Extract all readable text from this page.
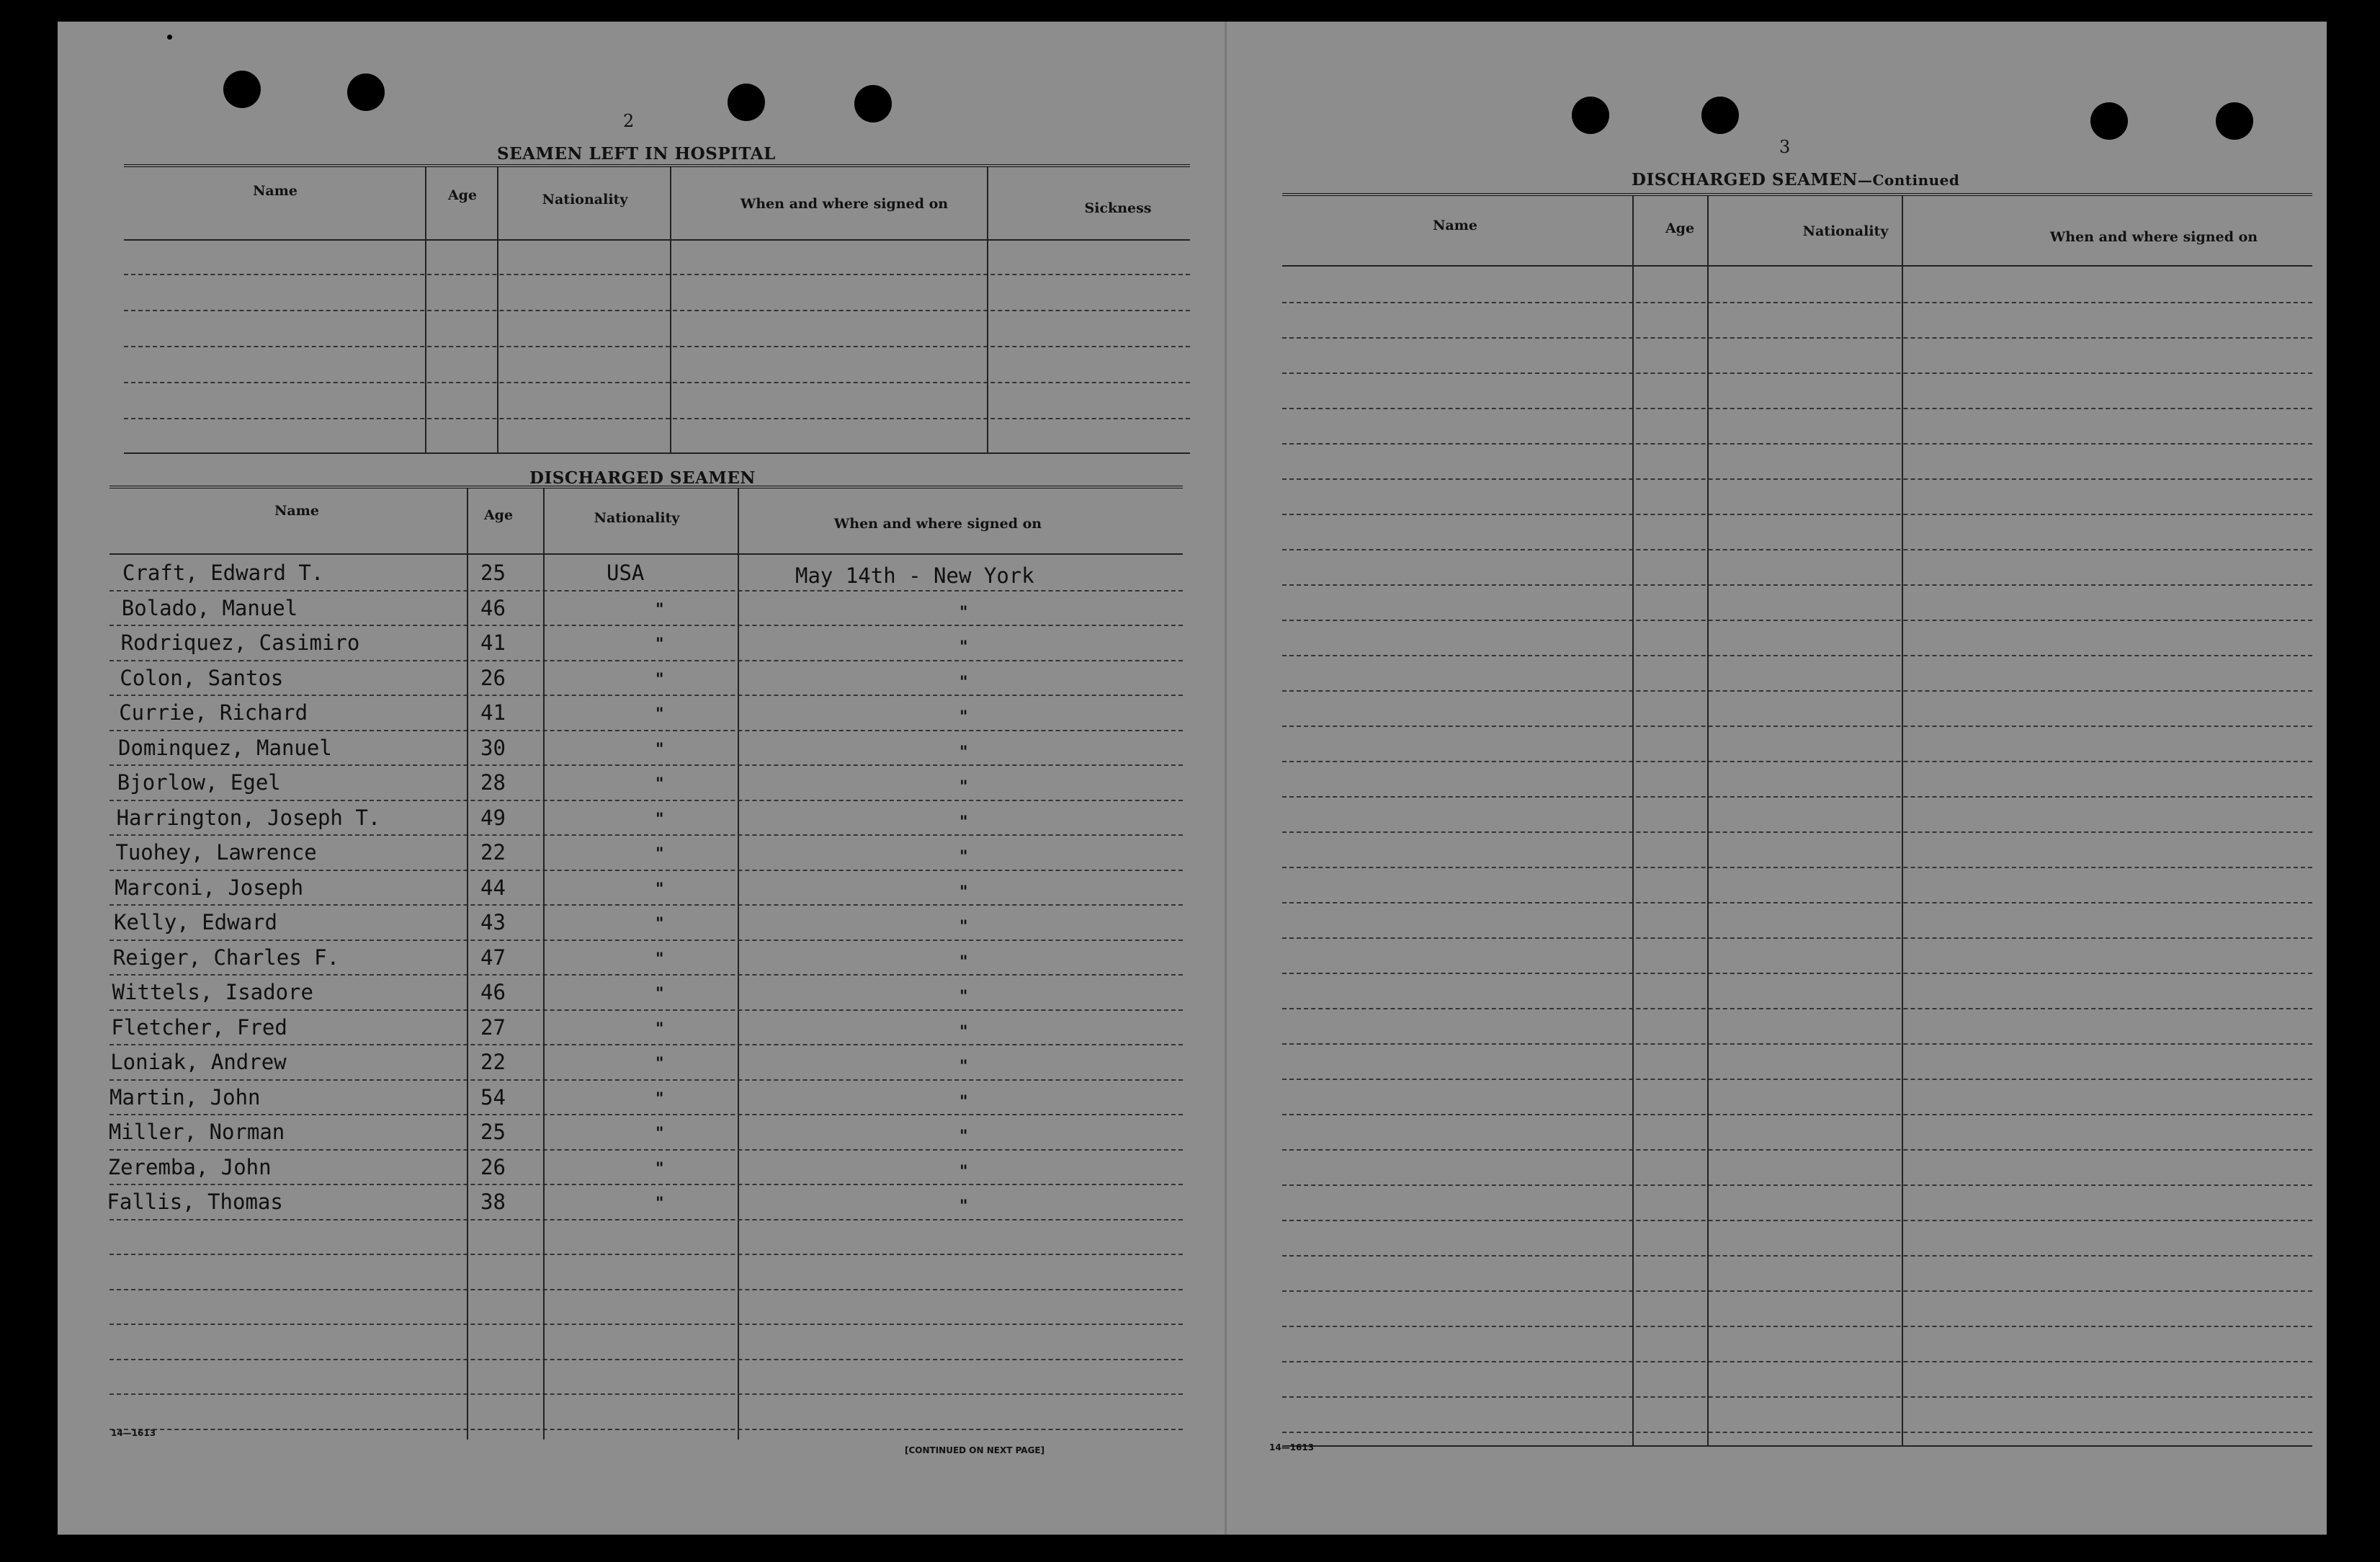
2
SEAMEN LEFT IN HOSPITAL
Name	Age	Nationality	When and where signed on	Sickness
DISCHARGED SEAMEN
Name	Age	Nationality	When and where signed on
Craft, Edward T.	25	USA	May 14th - New York
Bolado, Manuel	46	"	"
Rodriquez, Casimiro	41	"	"
Colon, Santos	26	"	"
Currie, Richard	41	"	"
Dominquez, Manuel	30	"	"
Bjorlow, Egel	28	"	"
Harrington, Joseph T.	49	"	"
Tuohey, Lawrence	22	"	"
Marconi, Joseph	44	"	"
Kelly, Edward	43	"	"
Reiger, Charles F.	47	"	"
Wittels, Isadore	46	"	"
Fletcher, Fred	27	"	"
Loniak, Andrew	22	"	"
Martin, John	54	"	"
Miller, Norman	25	"	"
Zeremba, John	26	"	"
Fallis, Thomas	38	"	"
14—1613
[CONTINUED ON NEXT PAGE]
3
DISCHARGED SEAMEN—Continued
Name	Age	Nationality	When and where signed on
14—1613
